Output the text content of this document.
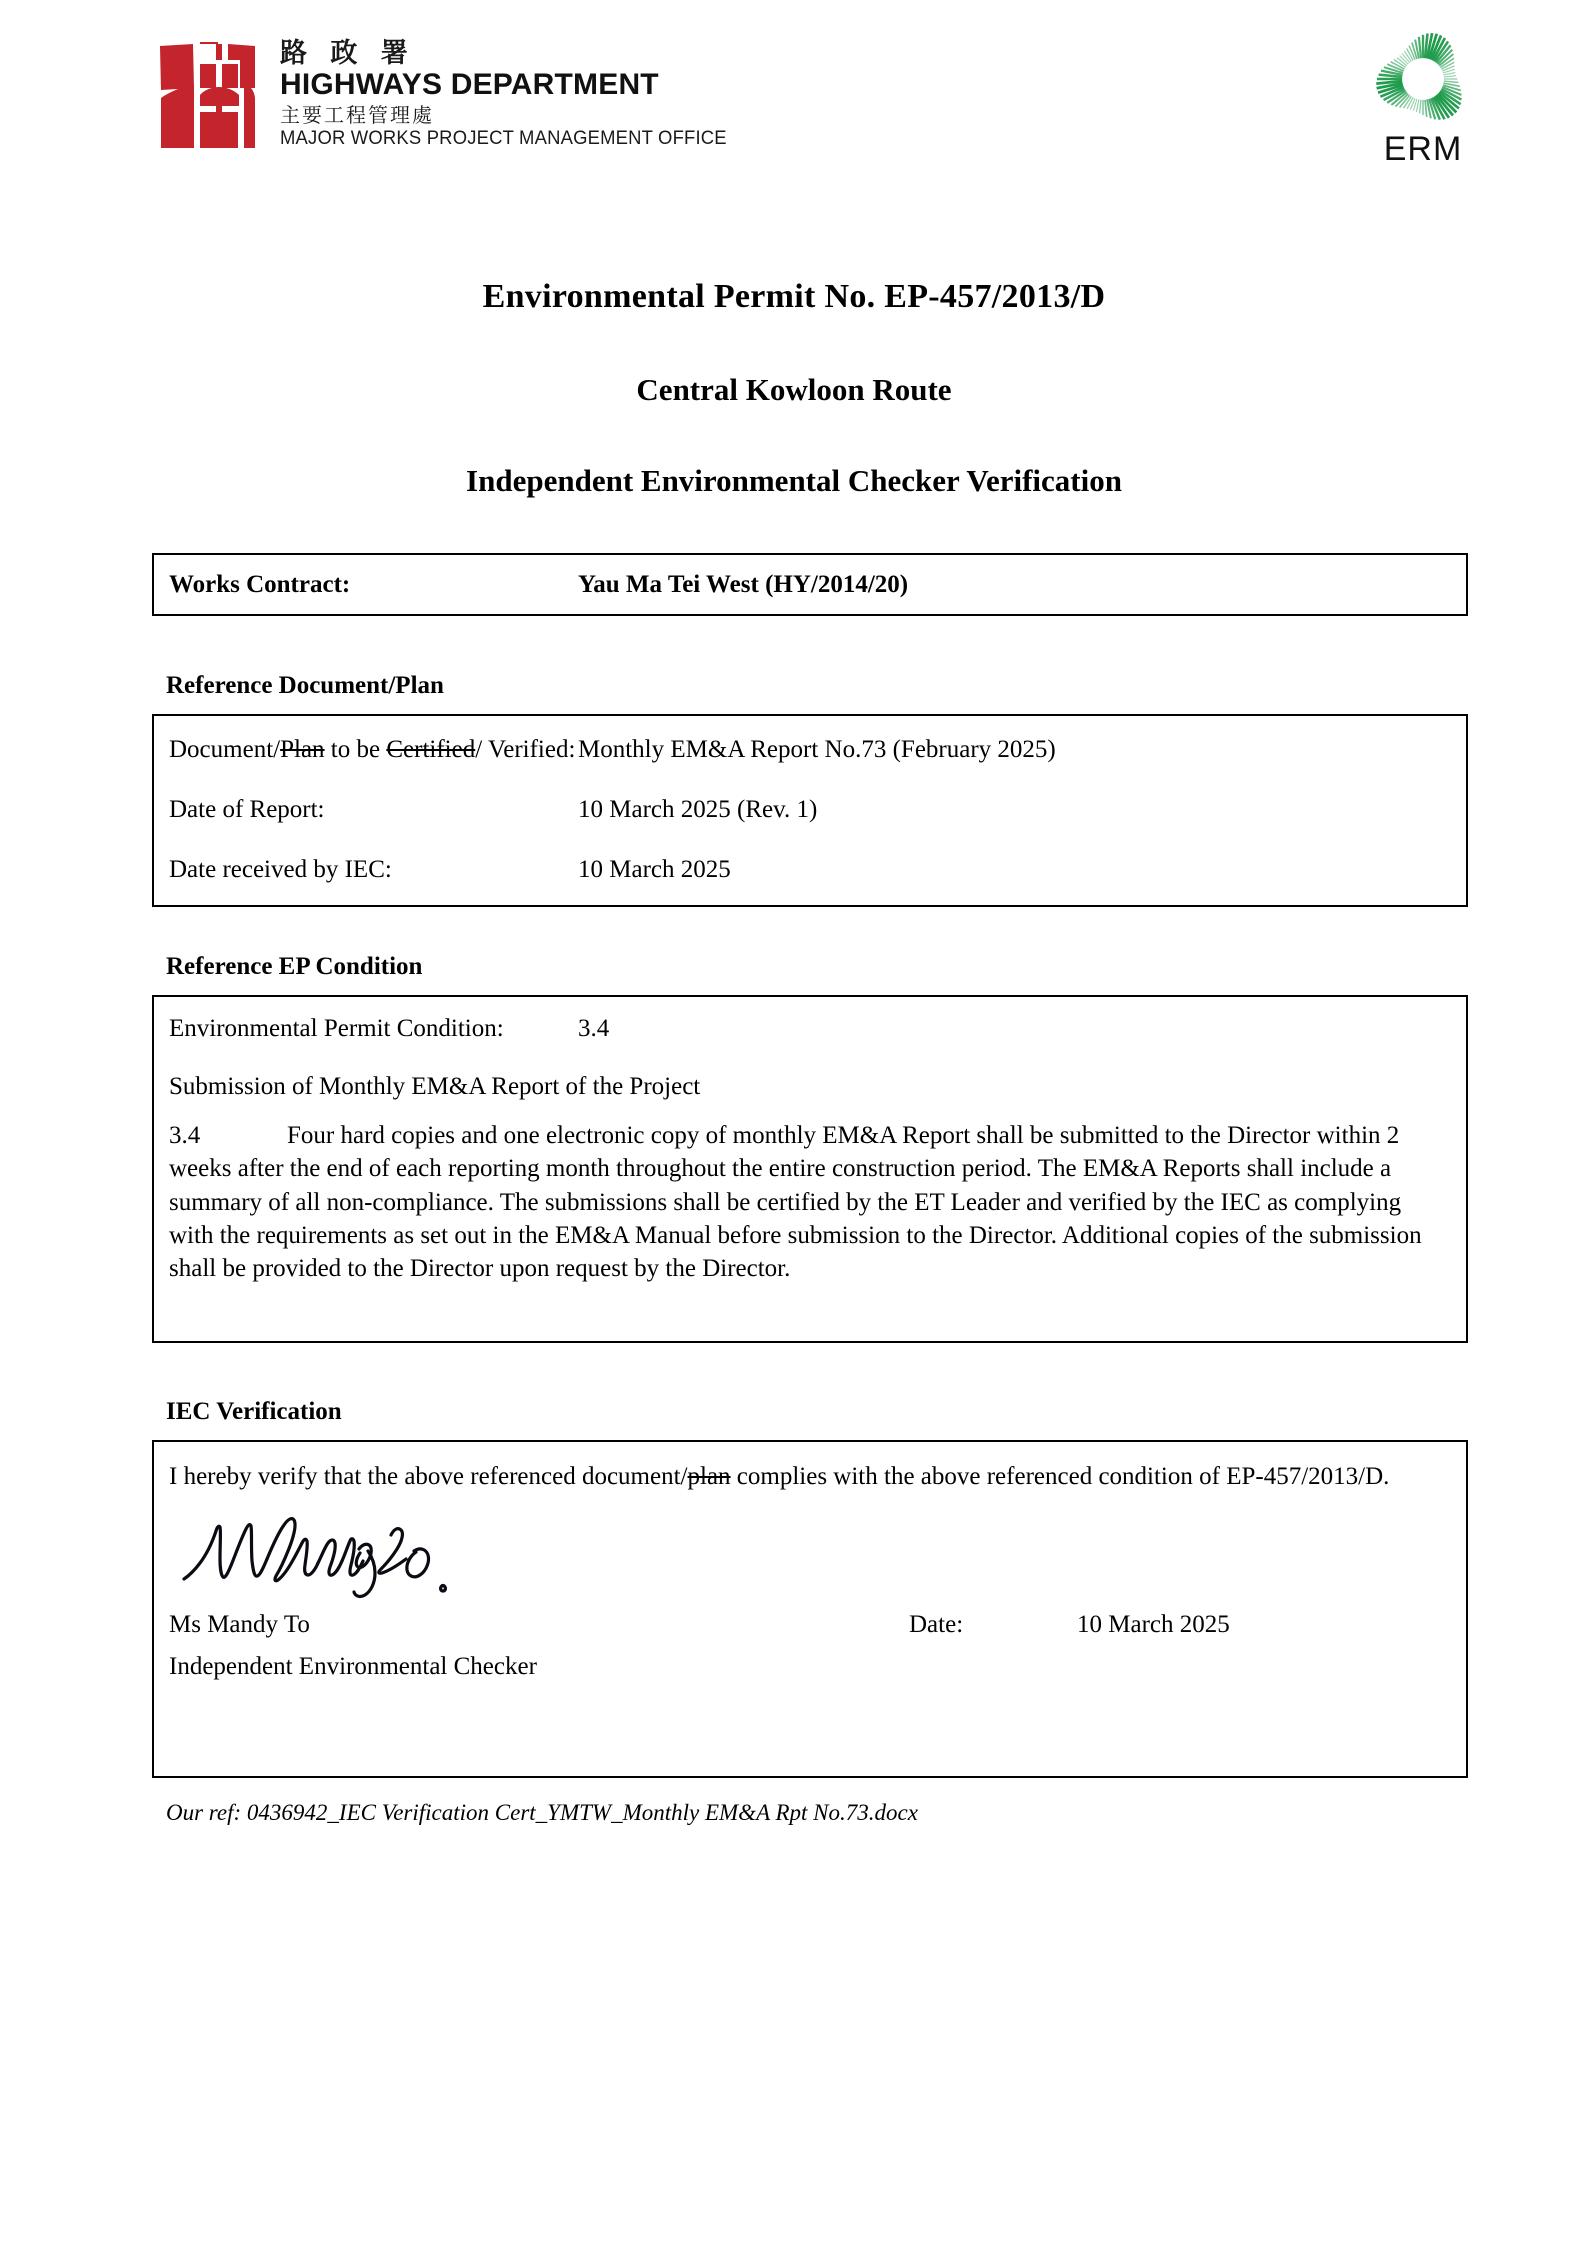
路 政 署
HIGHWAYS DEPARTMENT
主要工程管理處
MAJOR WORKS PROJECT MANAGEMENT OFFICE	ERM
Environmental Permit No. EP-457/2013/D
Central Kowloon Route
Independent Environmental Checker Verification
Works Contract:	Yau Ma Tei West (HY/2014/20)
Reference Document/Plan
Document/Plan to be Certified/ Verified: Monthly EM&A Report No.73 (February 2025)
Date of Report:	10 March 2025 (Rev. 1)
Date received by IEC:	10 March 2025
Reference EP Condition
Environmental Permit Condition:	3.4
Submission of Monthly EM&A Report of the Project
3.4	Four hard copies and one electronic copy of monthly EM&A Report shall be submitted to the Director within 2 weeks after the end of each reporting month throughout the entire construction period. The EM&A Reports shall include a summary of all non-compliance. The submissions shall be certified by the ET Leader and verified by the IEC as complying with the requirements as set out in the EM&A Manual before submission to the Director. Additional copies of the submission shall be provided to the Director upon request by the Director.
IEC Verification
I hereby verify that the above referenced document/plan complies with the above referenced condition of EP-457/2013/D.
Ms Mandy To	Date:	10 March 2025
Independent Environmental Checker
Our ref: 0436942_IEC Verification Cert_YMTW_Monthly EM&A Rpt No.73.docx
